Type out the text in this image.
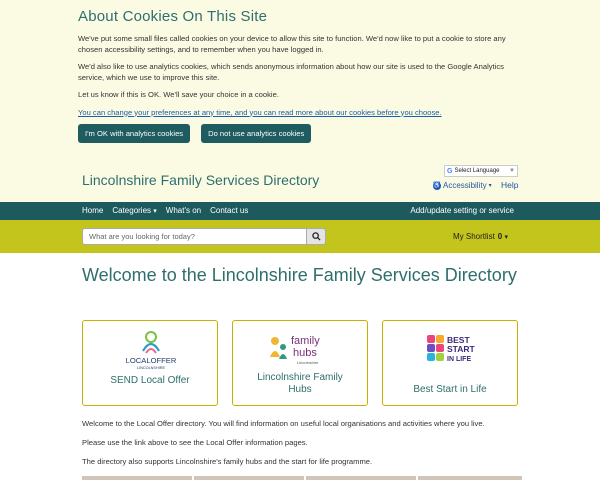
About Cookies On This Site

We've put some small files called cookies on your device to allow this site to function. We'd now like to put a cookie to store any chosen accessibility settings, and to remember when you have logged in.

We'd also like to use analytics cookies, which sends anonymous information about how our site is used to the Google Analytics service, which we use to improve this site.

Let us know if this is OK. We'll save your choice in a cookie.

You can change your preferences at any time, and you can read more about our cookies before you choose.
I'm OK with analytics cookies	Do not use analytics cookies
Lincolnshire Family Services Directory
G Select Language ▼
♿ Accessibility ▾ Help
Home Categories ▾ What's on Contact us	Add/update setting or service
What are you looking for today?	My Shortlist 0 ▾
Welcome to the Lincolnshire Family Services Directory
LOCALOFFER
LINCOLNSHIRE
SEND Local Offer
family
hubs
Lincolnshire
Lincolnshire Family Hubs
BEST
START
IN LIFE
Best Start in Life
Welcome to the Local Offer directory. You will find information on useful local organisations and activities where you live.
Please use the link above to see the Local Offer information pages.
The directory also supports Lincolnshire's family hubs and the start for life programme.
